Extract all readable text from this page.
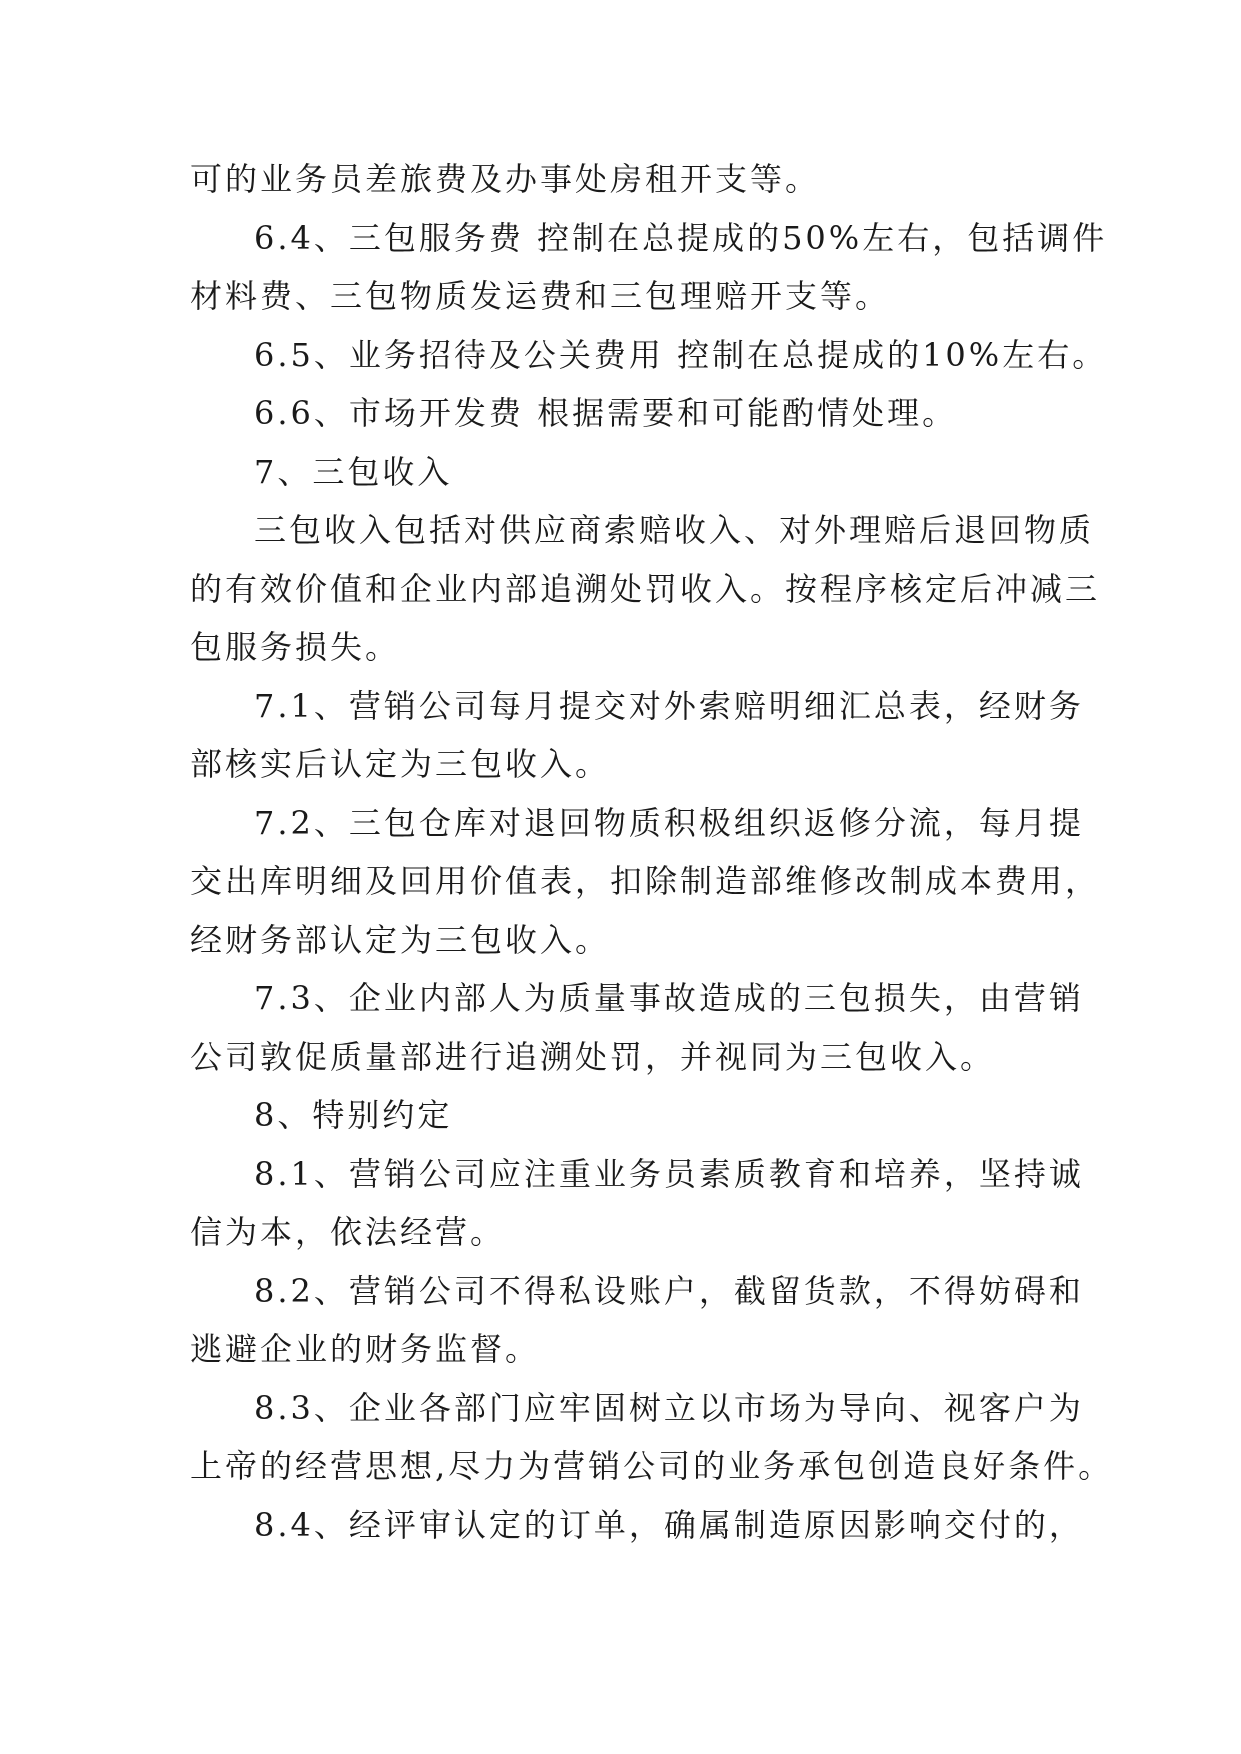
可的业务员差旅费及办事处房租开支等。

6.4、三包服务费 控制在总提成的50%左右，包括调件
材料费、三包物质发运费和三包理赔开支等。

6.5、业务招待及公关费用 控制在总提成的10%左右。

6.6、市场开发费 根据需要和可能酌情处理。

7、三包收入

三包收入包括对供应商索赔收入、对外理赔后退回物质
的有效价值和企业内部追溯处罚收入。按程序核定后冲减三
包服务损失。

7.1、营销公司每月提交对外索赔明细汇总表，经财务
部核实后认定为三包收入。

7.2、三包仓库对退回物质积极组织返修分流，每月提
交出库明细及回用价值表，扣除制造部维修改制成本费用，
经财务部认定为三包收入。

7.3、企业内部人为质量事故造成的三包损失，由营销
公司敦促质量部进行追溯处罚，并视同为三包收入。

8、特别约定

8.1、营销公司应注重业务员素质教育和培养，坚持诚
信为本，依法经营。

8.2、营销公司不得私设账户，截留货款，不得妨碍和
逃避企业的财务监督。

8.3、企业各部门应牢固树立以市场为导向、视客户为
上帝的经营思想,尽力为营销公司的业务承包创造良好条件。

8.4、经评审认定的订单，确属制造原因影响交付的，
